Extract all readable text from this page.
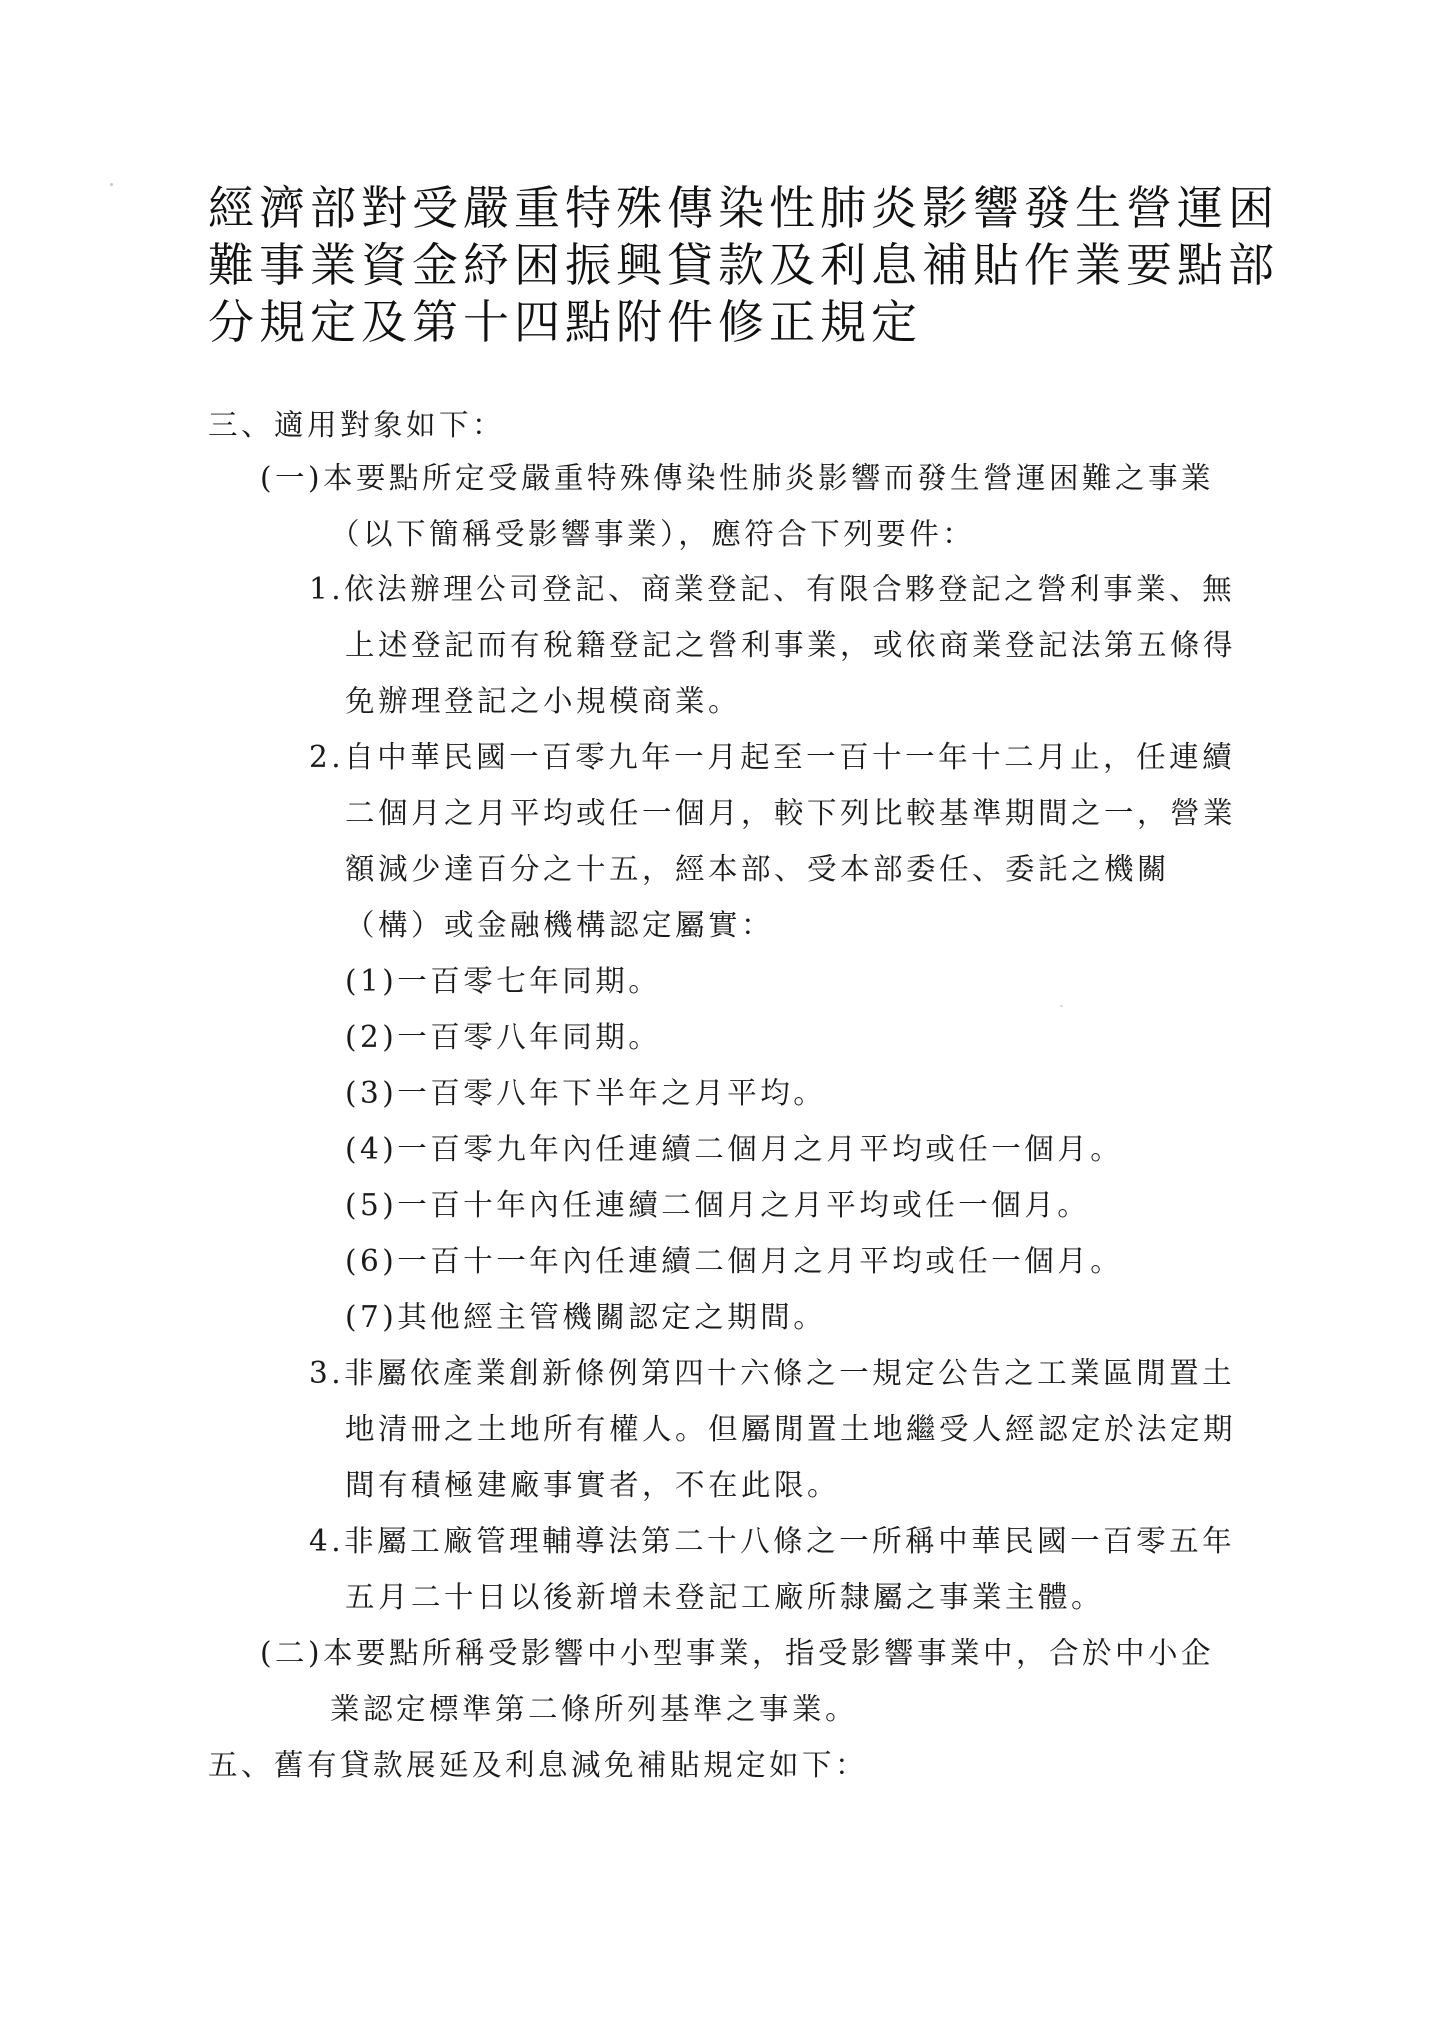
經濟部對受嚴重特殊傳染性肺炎影響發生營運困
難事業資金紓困振興貸款及利息補貼作業要點部
分規定及第十四點附件修正規定

三、適用對象如下：

(一)本要點所定受嚴重特殊傳染性肺炎影響而發生營運困難之事業

（以下簡稱受影響事業），應符合下列要件：

1.依法辦理公司登記、商業登記、有限合夥登記之營利事業、無

上述登記而有稅籍登記之營利事業，或依商業登記法第五條得

免辦理登記之小規模商業。

2.自中華民國一百零九年一月起至一百十一年十二月止，任連續

二個月之月平均或任一個月，較下列比較基準期間之一，營業

額減少達百分之十五，經本部、受本部委任、委託之機關

（構）或金融機構認定屬實：

(1)一百零七年同期。

(2)一百零八年同期。

(3)一百零八年下半年之月平均。

(4)一百零九年內任連續二個月之月平均或任一個月。

(5)一百十年內任連續二個月之月平均或任一個月。

(6)一百十一年內任連續二個月之月平均或任一個月。

(7)其他經主管機關認定之期間。

3.非屬依產業創新條例第四十六條之一規定公告之工業區閒置土

地清冊之土地所有權人。但屬閒置土地繼受人經認定於法定期

間有積極建廠事實者，不在此限。

4.非屬工廠管理輔導法第二十八條之一所稱中華民國一百零五年

五月二十日以後新增未登記工廠所隸屬之事業主體。

(二)本要點所稱受影響中小型事業，指受影響事業中，合於中小企

業認定標準第二條所列基準之事業。

五、舊有貸款展延及利息減免補貼規定如下：
